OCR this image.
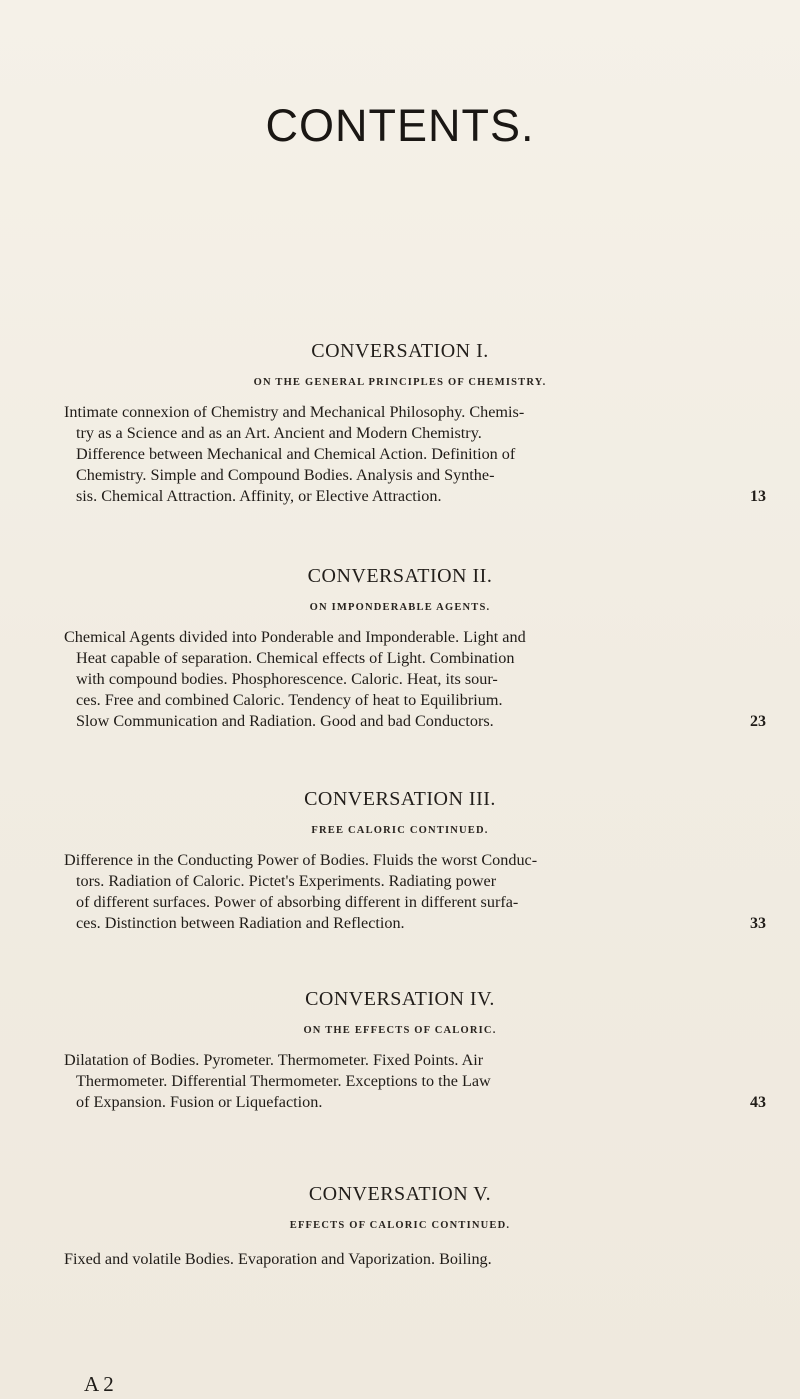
CONTENTS.
CONVERSATION I.
ON THE GENERAL PRINCIPLES OF CHEMISTRY.
Intimate connexion of Chemistry and Mechanical Philosophy. Chemis-
try as a Science and as an Art. Ancient and Modern Chemistry.
Difference between Mechanical and Chemical Action. Definition of
Chemistry. Simple and Compound Bodies. Analysis and Synthe-
sis. Chemical Attraction. Affinity, or Elective Attraction.	13
CONVERSATION II.
ON IMPONDERABLE AGENTS.
Chemical Agents divided into Ponderable and Imponderable. Light and
Heat capable of separation. Chemical effects of Light. Combination
with compound bodies. Phosphorescence. Caloric. Heat, its sour-
ces. Free and combined Caloric. Tendency of heat to Equilibrium.
Slow Communication and Radiation. Good and bad Conductors.	23
CONVERSATION III.
FREE CALORIC CONTINUED.
Difference in the Conducting Power of Bodies. Fluids the worst Conduc-
tors. Radiation of Caloric. Pictet's Experiments. Radiating power
of different surfaces. Power of absorbing different in different surfa-
ces. Distinction between Radiation and Reflection.	33
CONVERSATION IV.
ON THE EFFECTS OF CALORIC.
Dilatation of Bodies. Pyrometer. Thermometer. Fixed Points. Air
Thermometer. Differential Thermometer. Exceptions to the Law
of Expansion. Fusion or Liquefaction.	43
CONVERSATION V.
EFFECTS OF CALORIC CONTINUED.
Fixed and volatile Bodies. Evaporation and Vaporization. Boiling.
A 2
